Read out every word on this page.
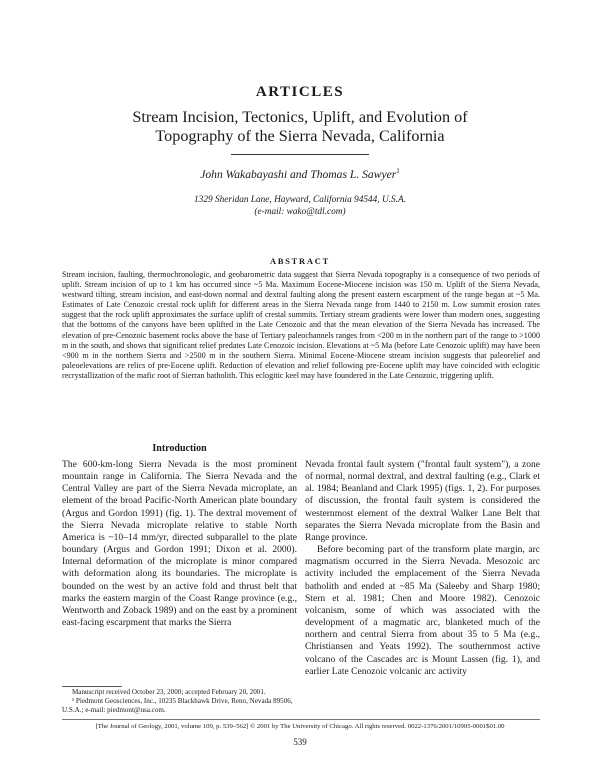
ARTICLES
Stream Incision, Tectonics, Uplift, and Evolution of
Topography of the Sierra Nevada, California
John Wakabayashi and Thomas L. Sawyer$^1$
1329 Sheridan Lane, Hayward, California 94544, U.S.A.
(e-mail: wako@tdl.com)
ABSTRACT
Stream incision, faulting, thermochronologic, and geobarometric data suggest that Sierra Nevada topography is a consequence of two periods of uplift. Stream incision of up to 1 km has occurred since ~5 Ma. Maximum Eocene-Miocene incision was 150 m. Uplift of the Sierra Nevada, westward tilting, stream incision, and east-down normal and dextral faulting along the present eastern escarpment of the range began at ~5 Ma. Estimates of Late Cenozoic crestal rock uplift for different areas in the Sierra Nevada range from 1440 to 2150 m. Low summit erosion rates suggest that the rock uplift approximates the surface uplift of crestal summits. Tertiary stream gradients were lower than modern ones, suggesting that the bottoms of the canyons have been uplifted in the Late Cenozoic and that the mean elevation of the Sierra Nevada has increased. The elevation of pre-Cenozoic basement rocks above the base of Tertiary paleochannels ranges from <200 m in the northern part of the range to >1000 m in the south, and shows that significant relief predates Late Cenozoic incision. Elevations at ~5 Ma (before Late Cenozoic uplift) may have been <900 m in the northern Sierra and >2500 m in the southern Sierra. Minimal Eocene-Miocene stream incision suggests that paleorelief and paleoelevations are relics of pre-Eocene uplift. Reduction of elevation and relief following pre-Eocene uplift may have coincided with eclogitic recrystallization of the mafic root of Sierran batholith. This eclogitic keel may have foundered in the Late Cenozoic, triggering uplift.
Introduction

The 600-km-long Sierra Nevada is the most prominent mountain range in California. The Sierra Nevada and the Central Valley are part of the Sierra Nevada microplate, an element of the broad Pacific-North American plate boundary (Argus and Gordon 1991) (fig. 1). The dextral movement of the Sierra Nevada microplate relative to stable North America is ~10–14 mm/yr, directed subparallel to the plate boundary (Argus and Gordon 1991; Dixon et al. 2000). Internal deformation of the microplate is minor compared with deformation along its boundaries. The microplate is bounded on the west by an active fold and thrust belt that marks the eastern margin of the Coast Range province (e.g., Wentworth and Zoback 1989) and on the east by a prominent east-facing escarpment that marks the Sierra

Nevada frontal fault system ("frontal fault system"), a zone of normal, normal dextral, and dextral faulting (e.g., Clark et al. 1984; Beanland and Clark 1995) (figs. 1, 2). For purposes of discussion, the frontal fault system is considered the westernmost element of the dextral Walker Lane Belt that separates the Sierra Nevada microplate from the Basin and Range province.

Before becoming part of the transform plate margin, arc magmatism occurred in the Sierra Nevada. Mesozoic arc activity included the emplacement of the Sierra Nevada batholith and ended at ~85 Ma (Saleeby and Sharp 1980; Stern et al. 1981; Chen and Moore 1982). Cenozoic volcanism, some of which was associated with the development of a magmatic arc, blanketed much of the northern and central Sierra from about 35 to 5 Ma (e.g., Christiansen and Yeats 1992). The southernmost active volcano of the Cascades arc is Mount Lassen (fig. 1), and earlier Late Cenozoic volcanic arc activity

Manuscript received October 23, 2000; accepted February 20, 2001.

¹ Piedmont Geosciences, Inc., 10235 Blackhawk Drive, Reno, Nevada 89506, U.S.A.; e-mail: piedmont@usa.com.

[The Journal of Geology, 2001, volume 109, p. 539–562] © 2001 by The University of Chicago. All rights reserved. 0022-1376/2001/10905-0001$01.00
539
